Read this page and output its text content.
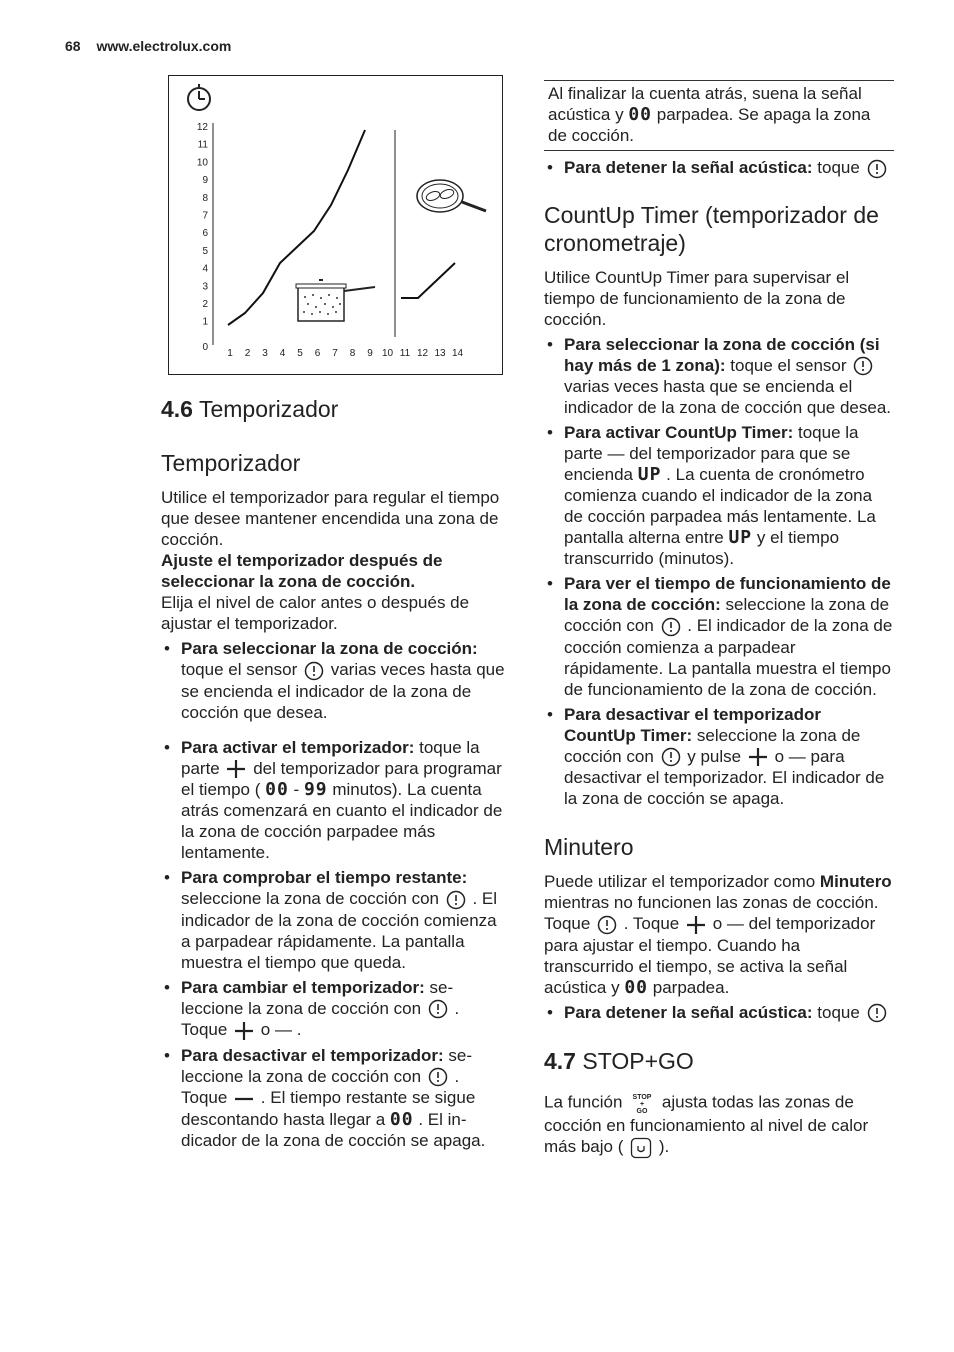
68 www.electrolux.com
12
11
10
9
8
7
6
5
4
3
2
1
0
1 2 3 4 5 6 7 8 9 10 11 12 13 14
4.6 Temporizador
Temporizador

Utilice el temporizador para regular el tiempo que desee mantener encendida una zona de cocción.

Ajuste el temporizador después de seleccionar la zona de cocción.

Elija el nivel de calor antes o después de ajustar el temporizador.

• Para seleccionar la zona de cocción: toque el sensor varias veces hasta que se encienda el indicador de la zona de cocción que desea.
• Para activar el temporizador: toque la parte del temporizador para programar el tiempo ( 00 - 99 minutos). La cuenta atrás comenzará en cuanto el indicador de la zona de cocción parpadee más lentamente.
• Para comprobar el tiempo restante: seleccione la zona de cocción con . El indicador de la zona de cocción comienza a parpadear rápidamente. La pantalla muestra el tiempo que queda.
• Para cambiar el temporizador: seleccione la zona de cocción con . Toque o — .
• Para desactivar el temporizador: seleccione la zona de cocción con . Toque . El tiempo restante se sigue descontando hasta llegar a 00 . El indicador de la zona de cocción se apaga.
Al finalizar la cuenta atrás, suena la señal acústica y 00 parpadea. Se apaga la zona de cocción.
• Para detener la señal acústica: toque
CountUp Timer (temporizador de cronometraje)

Utilice CountUp Timer para supervisar el tiempo de funcionamiento de la zona de cocción.

• Para seleccionar la zona de cocción (si hay más de 1 zona): toque el sensor  varias veces hasta que se encienda el indicador de la zona de cocción que desea.
• Para activar CountUp Timer: toque la parte — del temporizador para que se encienda UP . La cuenta de cronómetro comienza cuando el indicador de la zona de cocción parpadea más lentamente. La pantalla alterna entre UP y el tiempo transcurrido (minutos).
• Para ver el tiempo de funcionamiento de la zona de cocción: seleccione la zona de cocción con . El indicador de la zona de cocción comienza a parpadear rápidamente. La pantalla muestra el tiempo de funcionamiento de la zona de cocción.
• Para desactivar el temporizador CountUp Timer: seleccione la zona de cocción con y pulse o — para desactivar el temporizador. El indicador de la zona de cocción se apaga.
Minutero

Puede utilizar el temporizador como Minutero mientras no funcionen las zonas de cocción. Toque . Toque o — del temporizador para ajustar el tiempo. Cuando ha transcurrido el tiempo, se activa la señal acústica y 00 parpadea.

• Para detener la señal acústica: toque
4.7 STOP+GO

La función STOP
+
GO
ajusta todas las zonas de cocción en funcionamiento al nivel de calor más bajo ( ).
